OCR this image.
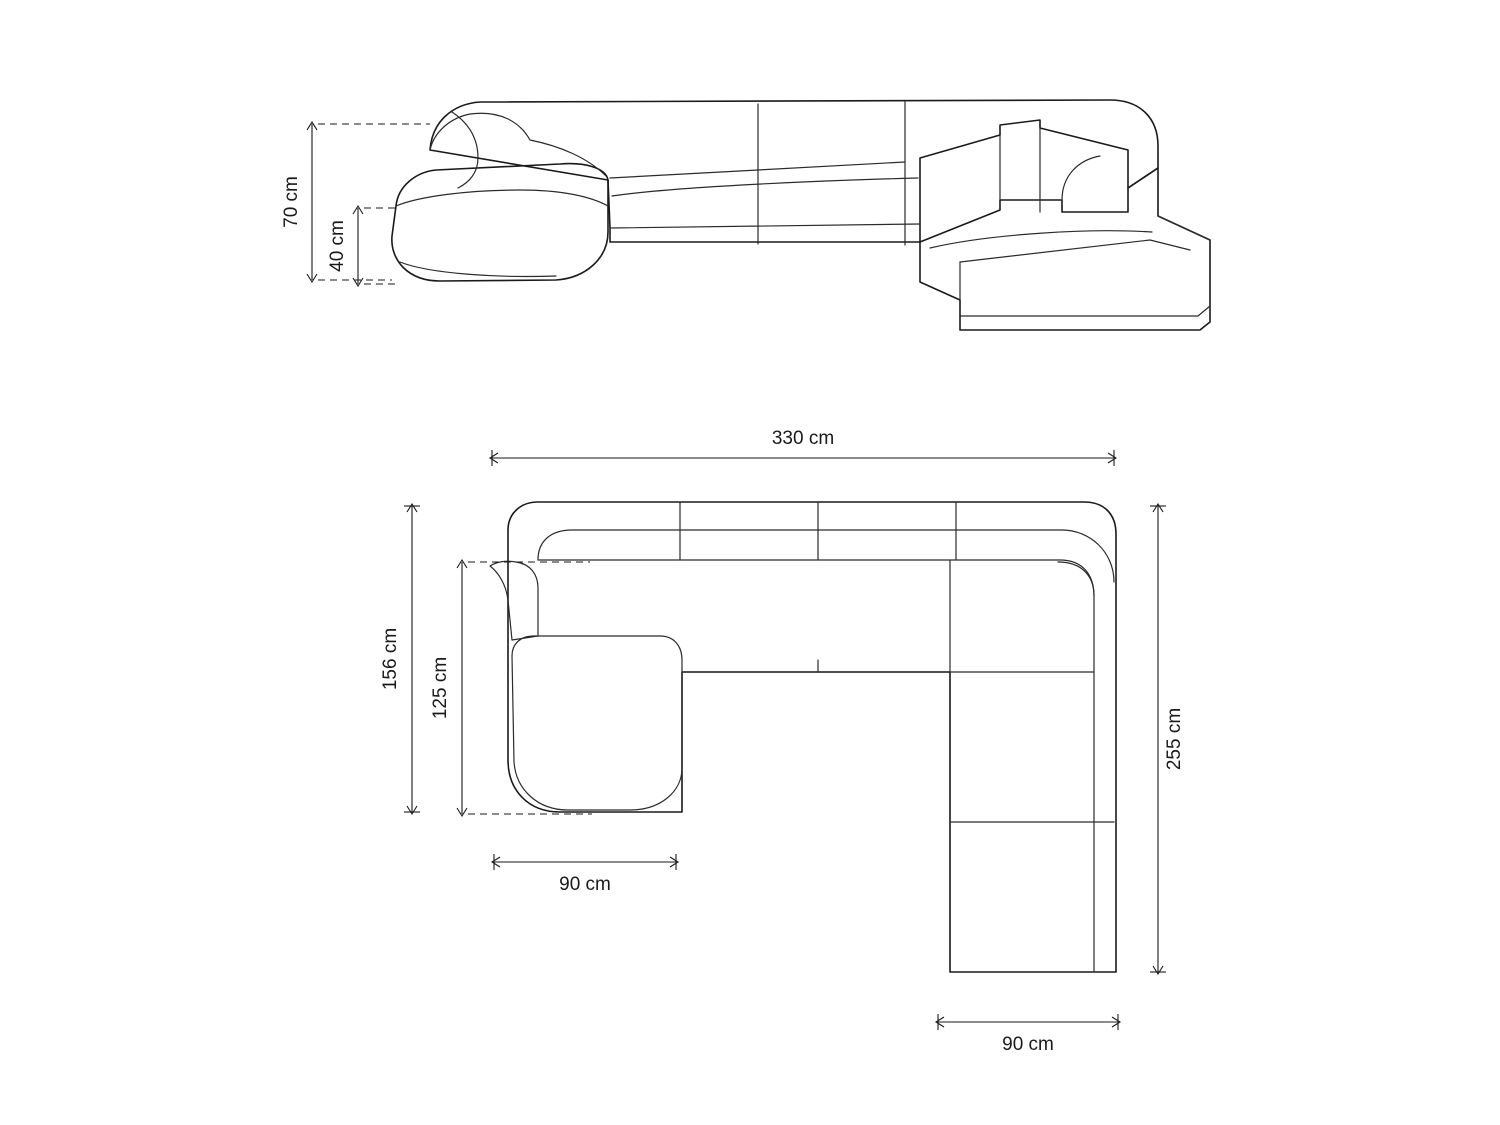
70 cm
40 cm
330 cm
156 cm 125 cm
255 cm
90 cm
90 cm
